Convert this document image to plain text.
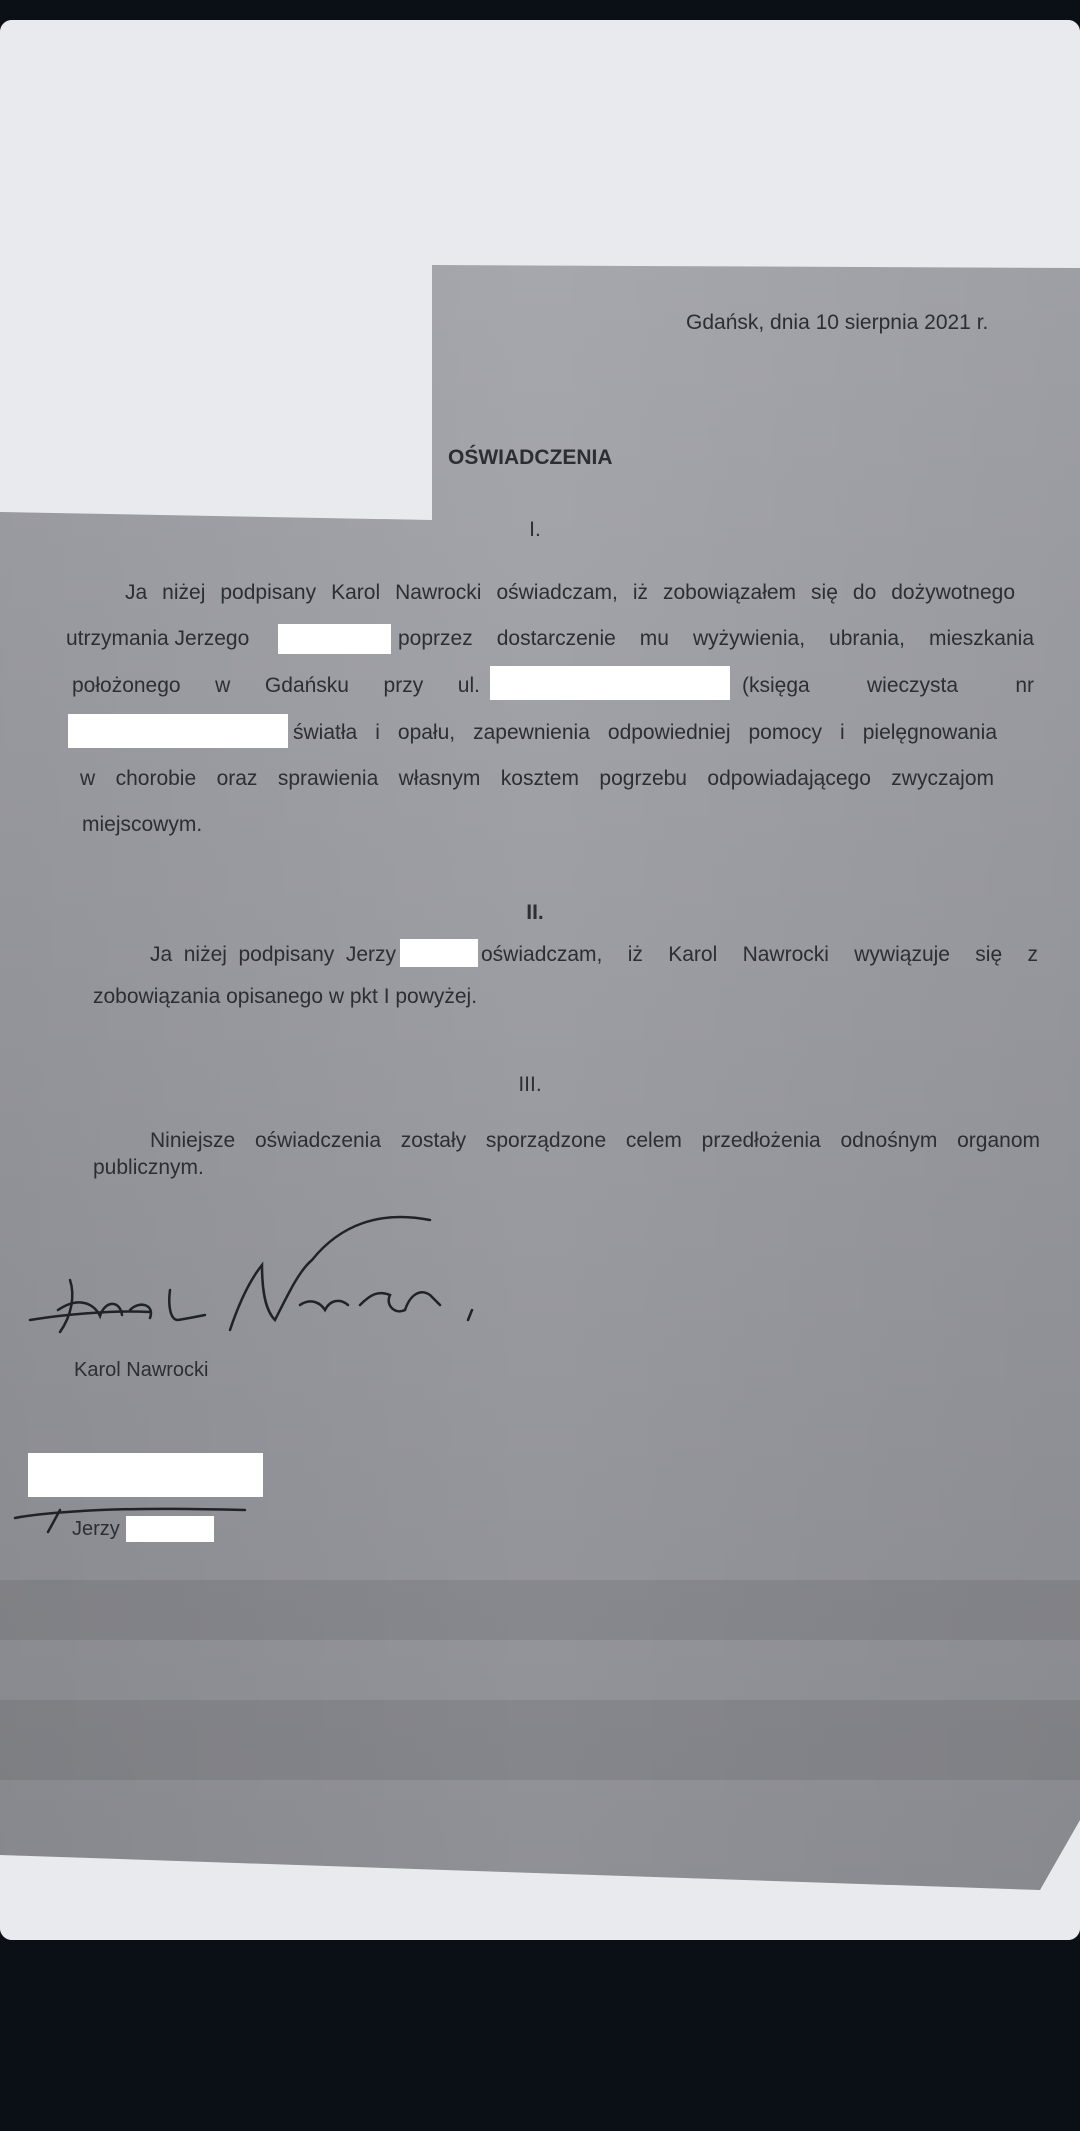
Gdańsk, dnia 10 sierpnia 2021 r.
OŚWIADCZENIA
I.
Ja niżej podpisany Karol Nawrocki oświadczam, iż zobowiązałem się do dożywotnego
utrzymania Jerzego	poprzez dostarczenie mu wyżywienia, ubrania, mieszkania
położonego w Gdańsku przy ul.	(księga wieczysta nr
światła i opału, zapewnienia odpowiedniej pomocy i pielęgnowania
w chorobie oraz sprawienia własnym kosztem pogrzebu odpowiadającego zwyczajom
miejscowym.
II.
Ja niżej podpisany Jerzy	oświadczam, iż Karol Nawrocki wywiązuje się z
zobowiązania opisanego w pkt I powyżej.
III.
Niniejsze oświadczenia zostały sporządzone celem przedłożenia odnośnym organom
publicznym.
Karol Nawrocki
Jerzy
